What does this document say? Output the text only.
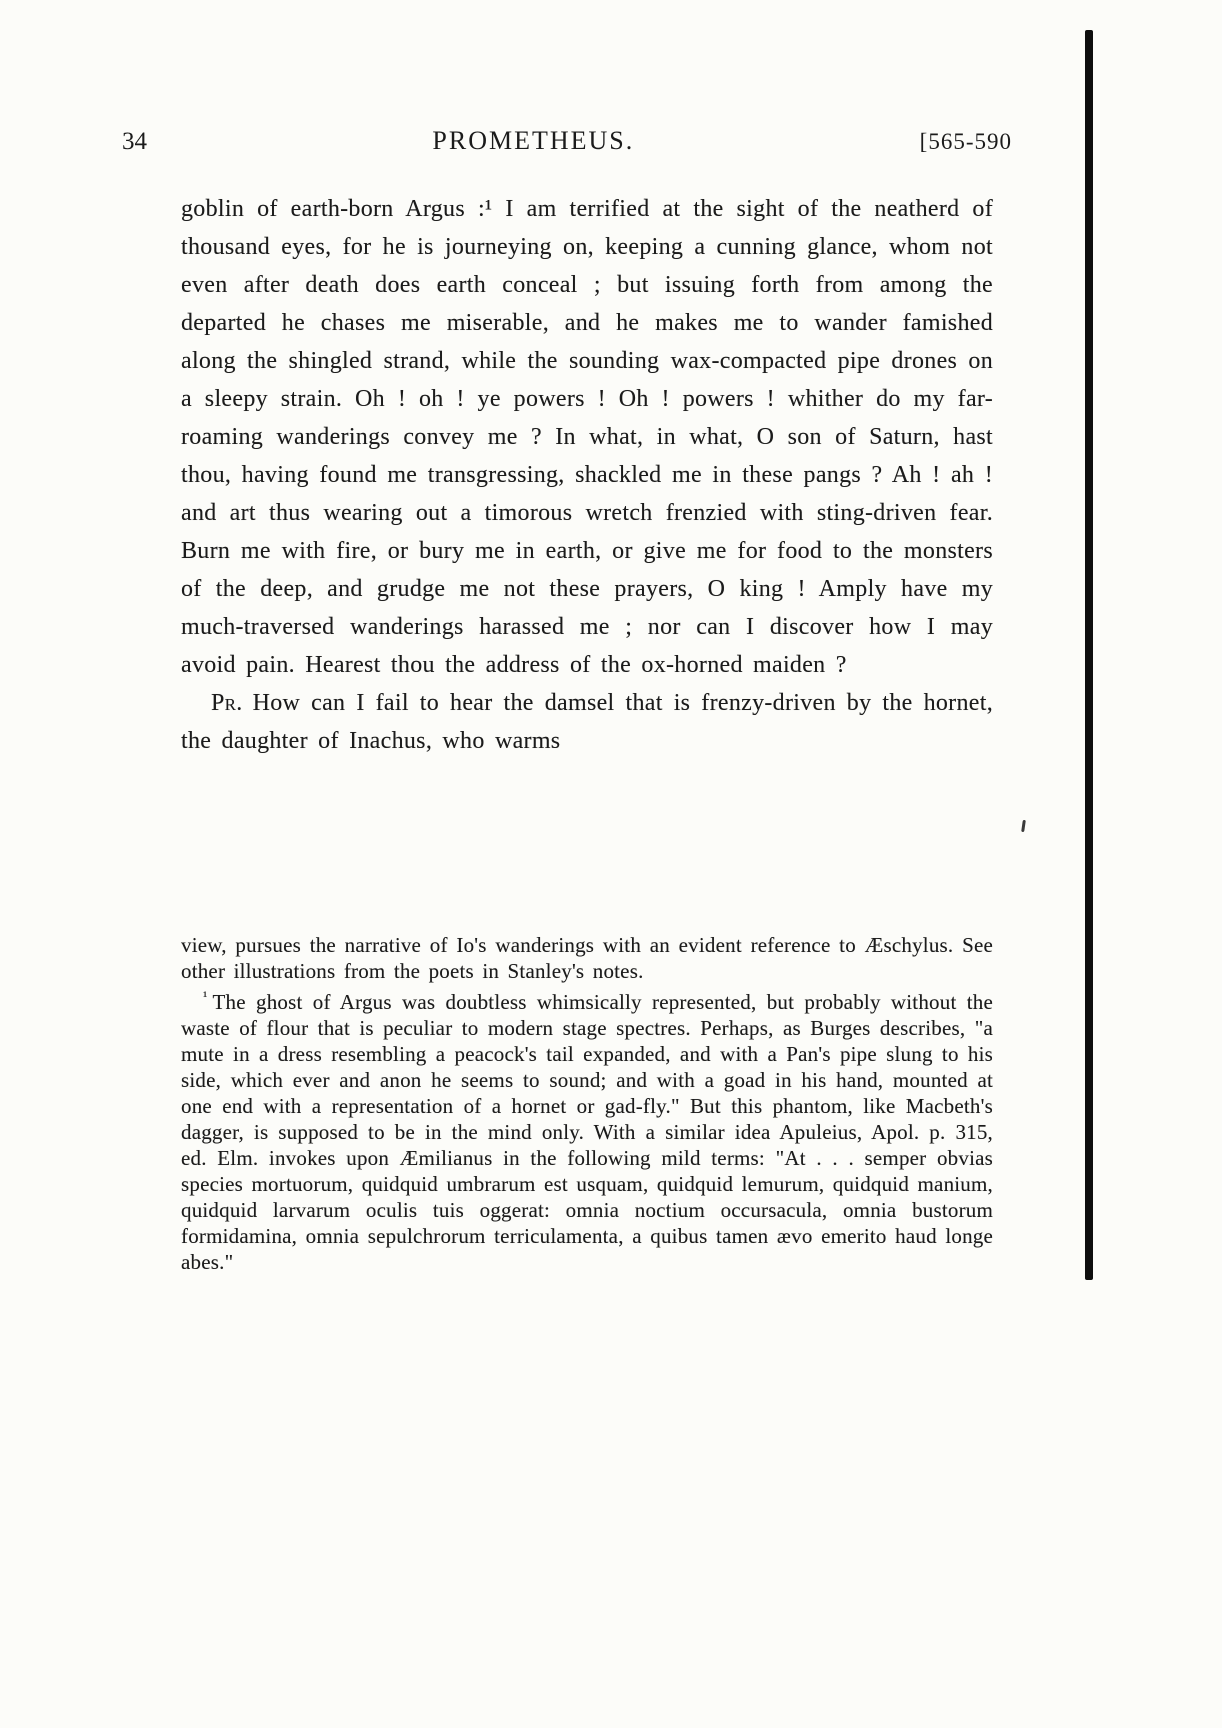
34	PROMETHEUS.	[565-590

goblin of earth-born Argus :¹ I am terrified at the sight of the neatherd of thousand eyes, for he is journeying on, keeping a cunning glance, whom not even after death does earth conceal ; but issuing forth from among the departed he chases me miserable, and he makes me to wander famished along the shingled strand, while the sounding wax-compacted pipe drones on a sleepy strain. Oh ! oh ! ye powers ! Oh ! powers ! whither do my far-roaming wanderings convey me ? In what, in what, O son of Saturn, hast thou, having found me transgressing, shackled me in these pangs ? Ah ! ah ! and art thus wearing out a timorous wretch frenzied with sting-driven fear. Burn me with fire, or bury me in earth, or give me for food to the monsters of the deep, and grudge me not these prayers, O king ! Amply have my much-traversed wanderings harassed me ; nor can I discover how I may avoid pain. Hearest thou the address of the ox-horned maiden ?

Pr. How can I fail to hear the damsel that is frenzy-driven by the hornet, the daughter of Inachus, who warms

view, pursues the narrative of Io's wanderings with an evident reference to Æschylus. See other illustrations from the poets in Stanley's notes.

$^{^1}$ The ghost of Argus was doubtless whimsically represented, but probably without the waste of flour that is peculiar to modern stage spectres. Perhaps, as Burges describes, "a mute in a dress resembling a peacock's tail expanded, and with a Pan's pipe slung to his side, which ever and anon he seems to sound; and with a goad in his hand, mounted at one end with a representation of a hornet or gad-fly." But this phantom, like Macbeth's dagger, is supposed to be in the mind only. With a similar idea Apuleius, Apol. p. 315, ed. Elm. invokes upon Æmilianus in the following mild terms: "At . . . semper obvias species mortuorum, quidquid umbrarum est usquam, quidquid lemurum, quidquid manium, quidquid larvarum oculis tuis oggerat: omnia noctium occursacula, omnia bustorum formidamina, omnia sepulchrorum terriculamenta, a quibus tamen ævo emerito haud longe abes."
